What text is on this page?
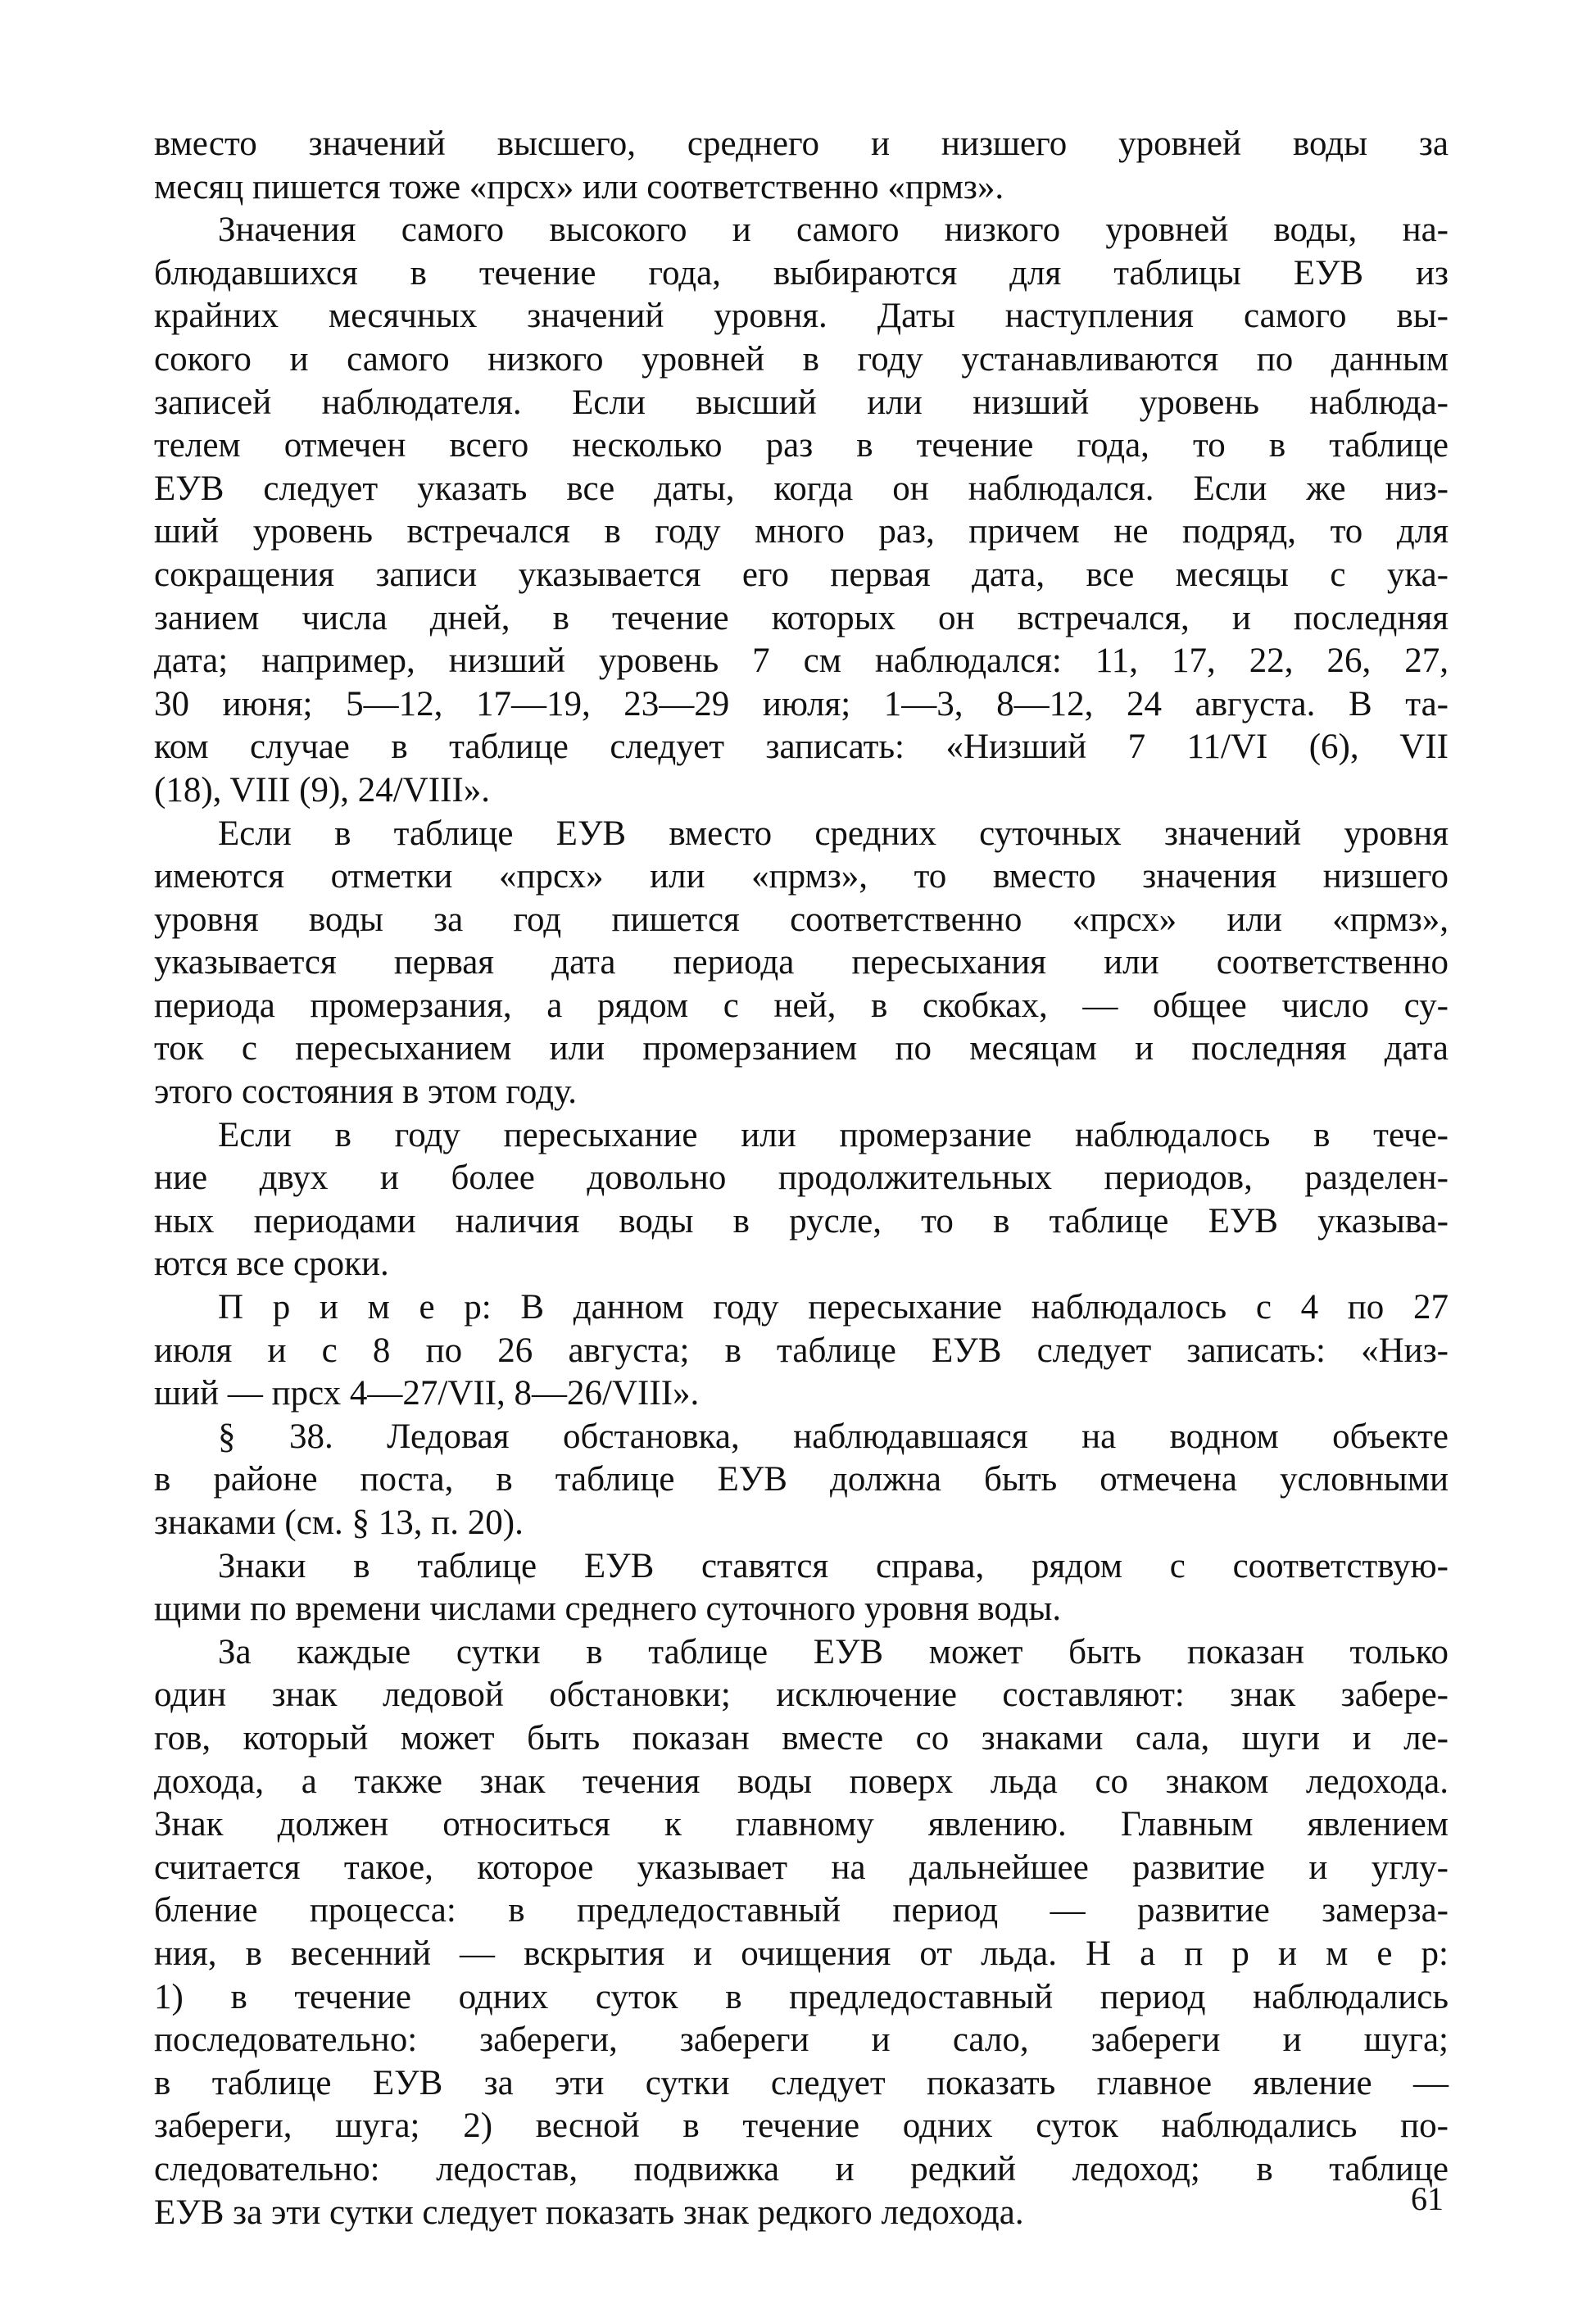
вместо значений высшего, среднего и низшего уровней воды за
месяц пишется тоже «прсх» или соответственно «прмз».
Значения самого высокого и самого низкого уровней воды, на-
блюдавшихся в течение года, выбираются для таблицы ЕУВ из
крайних месячных значений уровня. Даты наступления самого вы-
сокого и самого низкого уровней в году устанавливаются по данным
записей наблюдателя. Если высший или низший уровень наблюда-
телем отмечен всего несколько раз в течение года, то в таблице
ЕУВ следует указать все даты, когда он наблюдался. Если же низ-
ший уровень встречался в году много раз, причем не подряд, то для
сокращения записи указывается его первая дата, все месяцы с ука-
занием числа дней, в течение которых он встречался, и последняя
дата; например, низший уровень 7 см наблюдался: 11, 17, 22, 26, 27,
30 июня; 5—12, 17—19, 23—29 июля; 1—3, 8—12, 24 августа. В та-
ком случае в таблице следует записать: «Низший 7 11/VI (6), VII
(18), VIII (9), 24/VIII».
Если в таблице ЕУВ вместо средних суточных значений уровня
имеются отметки «прсх» или «прмз», то вместо значения низшего
уровня воды за год пишется соответственно «прсх» или «прмз»,
указывается первая дата периода пересыхания или соответственно
периода промерзания, а рядом с ней, в скобках, — общее число су-
ток с пересыханием или промерзанием по месяцам и последняя дата
этого состояния в этом году.
Если в году пересыхание или промерзание наблюдалось в тече-
ние двух и более довольно продолжительных периодов, разделен-
ных периодами наличия воды в русле, то в таблице ЕУВ указыва-
ются все сроки.
П р и м е р: В данном году пересыхание наблюдалось с 4 по 27
июля и с 8 по 26 августа; в таблице ЕУВ следует записать: «Низ-
ший — прсх 4—27/VII, 8—26/VIII».
§ 38. Ледовая обстановка, наблюдавшаяся на водном объекте
в районе поста, в таблице ЕУВ должна быть отмечена условными
знаками (см. § 13, п. 20).
Знаки в таблице ЕУВ ставятся справа, рядом с соответствую-
щими по времени числами среднего суточного уровня воды.
За каждые сутки в таблице ЕУВ может быть показан только
один знак ледовой обстановки; исключение составляют: знак забере-
гов, который может быть показан вместе со знаками сала, шуги и ле-
дохода, а также знак течения воды поверх льда со знаком ледохода.
Знак должен относиться к главному явлению. Главным явлением
считается такое, которое указывает на дальнейшее развитие и углу-
бление процесса: в предледоставный период — развитие замерза-
ния, в весенний — вскрытия и очищения от льда. Н а п р и м е р:
1) в течение одних суток в предледоставный период наблюдались
последовательно: забереги, забереги и сало, забереги и шуга;
в таблице ЕУВ за эти сутки следует показать главное явление —
забереги, шуга; 2) весной в течение одних суток наблюдались по-
следовательно: ледостав, подвижка и редкий ледоход; в таблице
ЕУВ за эти сутки следует показать знак редкого ледохода.	61
